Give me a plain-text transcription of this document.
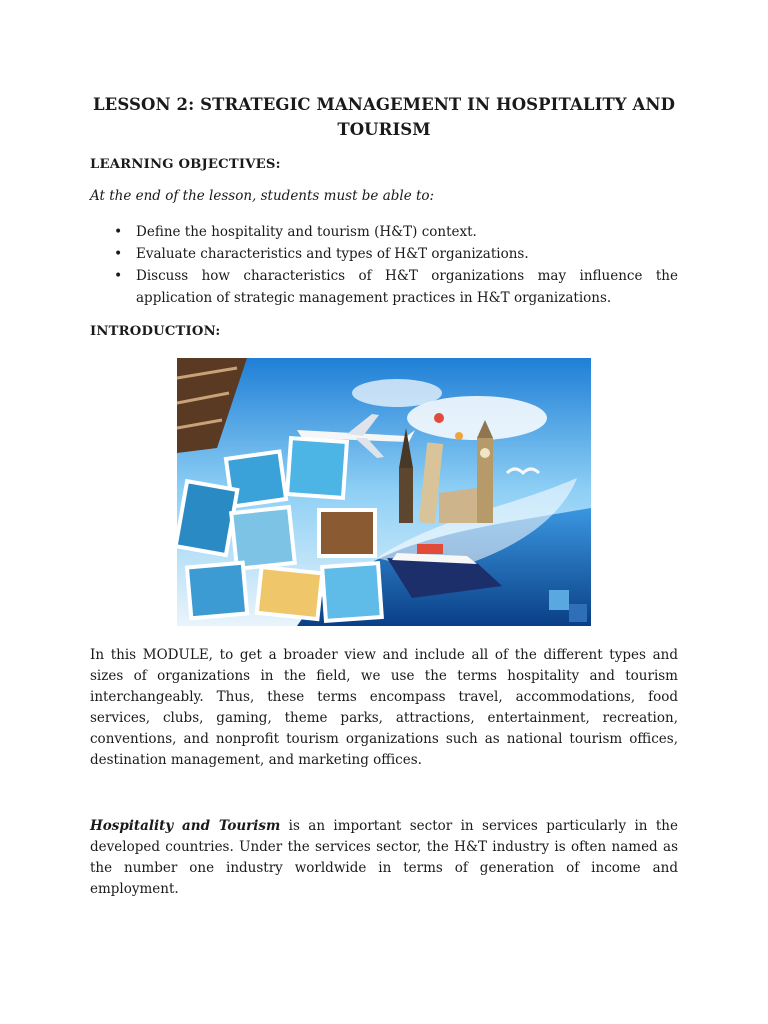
LESSON 2: STRATEGIC MANAGEMENT IN HOSPITALITY AND TOURISM
LEARNING OBJECTIVES:
At the end of the lesson, students must be able to:
• Define the hospitality and tourism (H&T) context.
• Evaluate characteristics and types of H&T organizations.
• Discuss how characteristics of H&T organizations may influence the application of strategic management practices in H&T organizations.
INTRODUCTION:

In this MODULE, to get a broader view and include all of the different types and sizes of organizations in the field, we use the terms hospitality and tourism interchangeably. Thus, these terms encompass travel, accommodations, food services, clubs, gaming, theme parks, attractions, entertainment, recreation, conventions, and nonprofit tourism organizations such as national tourism offices, destination management, and marketing offices.

Hospitality and Tourism is an important sector in services particularly in the developed countries. Under the services sector, the H&T industry is often named as the number one industry worldwide in terms of generation of income and employment.
